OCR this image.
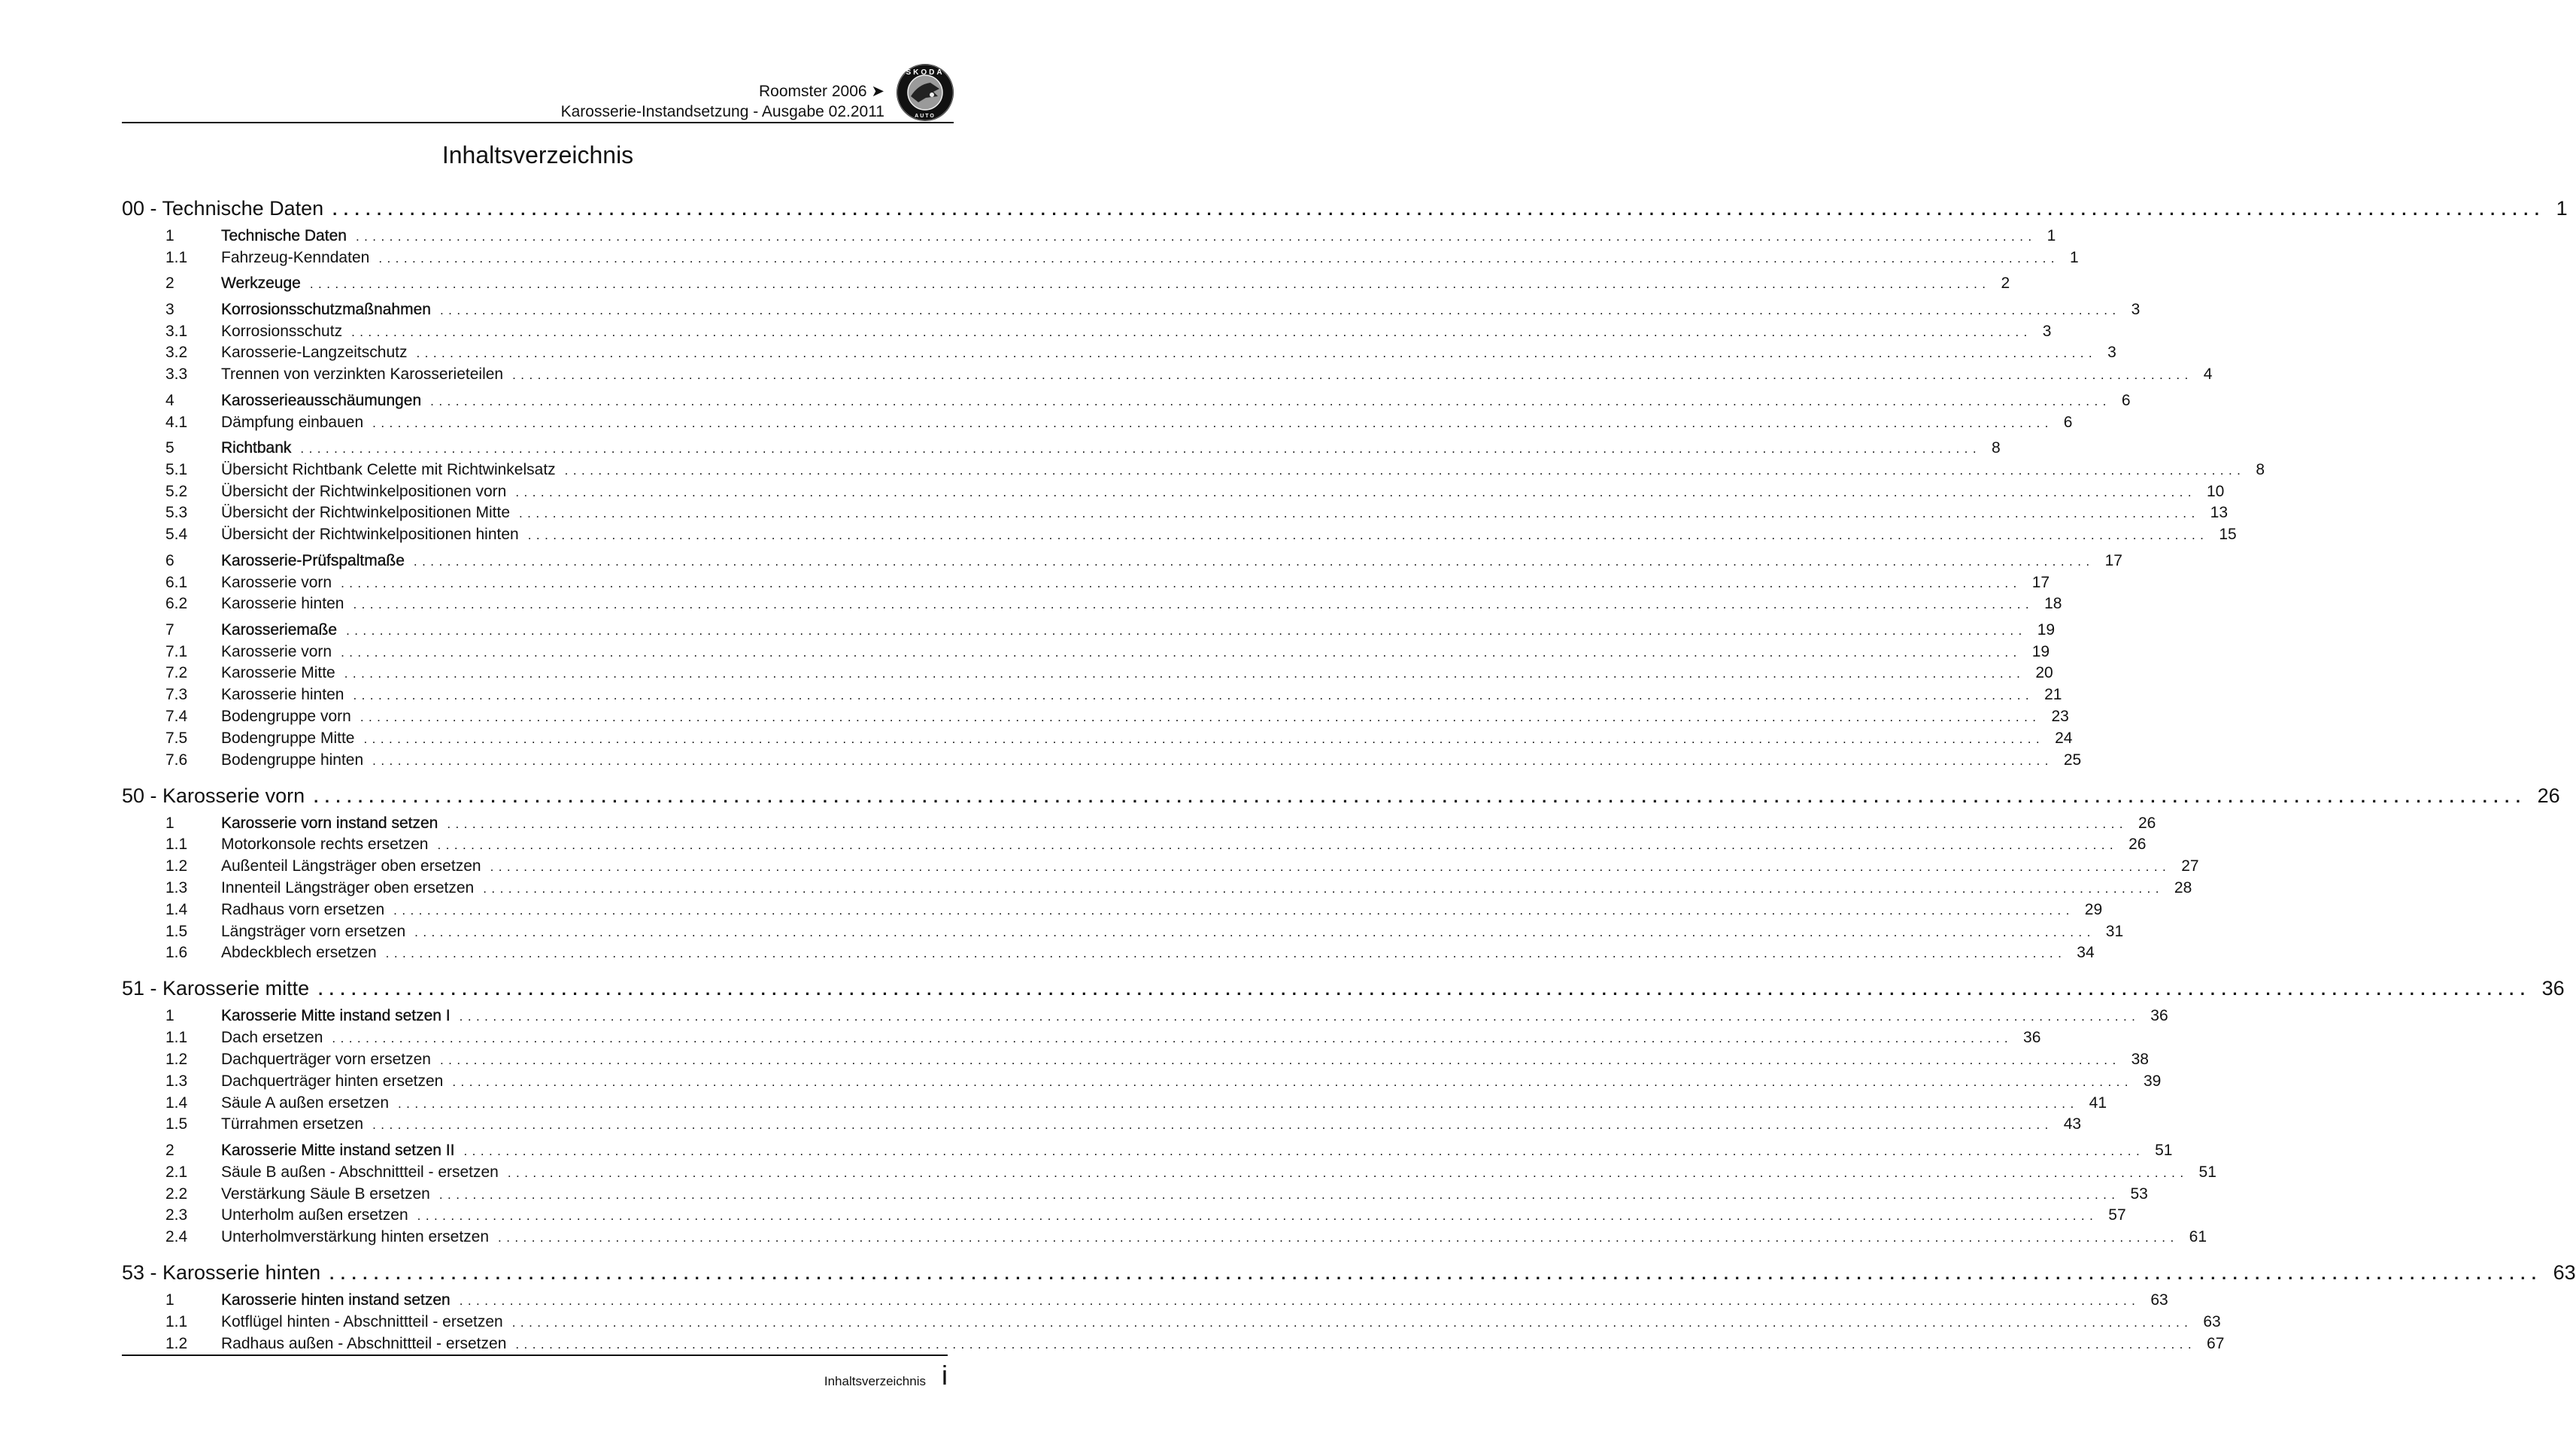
Roomster 2006 ➤
Karosserie-Instandsetzung - Ausgabe 02.2011
SKODA
AUTO
Inhaltsverzeichnis
00 - Technische Daten ........................................................................................................................................................................................................ 1
1	Technische Daten ........................................................................................................................................................................................................ 1
1.1 Fahrzeug-Kenndaten ........................................................................................................................................................................................................ 1
2	Werkzeuge ........................................................................................................................................................................................................ 2
3	Korrosionsschutzmaßnahmen ........................................................................................................................................................................................................ 3
3.1 Korrosionsschutz ........................................................................................................................................................................................................ 3
3.2 Karosserie-Langzeitschutz ........................................................................................................................................................................................................ 3
3.3 Trennen von verzinkten Karosserieteilen ........................................................................................................................................................................................................ 4
4	Karosserieausschäumungen ........................................................................................................................................................................................................ 6
4.1 Dämpfung einbauen ........................................................................................................................................................................................................ 6
5	Richtbank ........................................................................................................................................................................................................ 8
5.1 Übersicht Richtbank Celette mit Richtwinkelsatz ........................................................................................................................................................................................................ 8
5.2 Übersicht der Richtwinkelpositionen vorn ........................................................................................................................................................................................................ 10
5.3 Übersicht der Richtwinkelpositionen Mitte ........................................................................................................................................................................................................ 13
5.4 Übersicht der Richtwinkelpositionen hinten ........................................................................................................................................................................................................ 15
6	Karosserie-Prüfspaltmaße ........................................................................................................................................................................................................ 17
6.1 Karosserie vorn ........................................................................................................................................................................................................ 17
6.2 Karosserie hinten ........................................................................................................................................................................................................ 18
7	Karosseriemaße ........................................................................................................................................................................................................ 19
7.1 Karosserie vorn ........................................................................................................................................................................................................ 19
7.2 Karosserie Mitte ........................................................................................................................................................................................................ 20
7.3 Karosserie hinten ........................................................................................................................................................................................................ 21
7.4 Bodengruppe vorn ........................................................................................................................................................................................................ 23
7.5 Bodengruppe Mitte ........................................................................................................................................................................................................ 24
7.6 Bodengruppe hinten ........................................................................................................................................................................................................ 25
50 - Karosserie vorn ........................................................................................................................................................................................................ 26
1	Karosserie vorn instand setzen ........................................................................................................................................................................................................ 26
1.1 Motorkonsole rechts ersetzen ........................................................................................................................................................................................................ 26
1.2 Außenteil Längsträger oben ersetzen ........................................................................................................................................................................................................ 27
1.3 Innenteil Längsträger oben ersetzen ........................................................................................................................................................................................................ 28
1.4 Radhaus vorn ersetzen ........................................................................................................................................................................................................ 29
1.5 Längsträger vorn ersetzen ........................................................................................................................................................................................................ 31
1.6 Abdeckblech ersetzen ........................................................................................................................................................................................................ 34
51 - Karosserie mitte ........................................................................................................................................................................................................ 36
1	Karosserie Mitte instand setzen I ........................................................................................................................................................................................................ 36
1.1 Dach ersetzen ........................................................................................................................................................................................................ 36
1.2 Dachquerträger vorn ersetzen ........................................................................................................................................................................................................ 38
1.3 Dachquerträger hinten ersetzen ........................................................................................................................................................................................................ 39
1.4 Säule A außen ersetzen ........................................................................................................................................................................................................ 41
1.5 Türrahmen ersetzen ........................................................................................................................................................................................................ 43
2	Karosserie Mitte instand setzen II ........................................................................................................................................................................................................ 51
2.1 Säule B außen - Abschnittteil - ersetzen ........................................................................................................................................................................................................ 51
2.2 Verstärkung Säule B ersetzen ........................................................................................................................................................................................................ 53
2.3 Unterholm außen ersetzen ........................................................................................................................................................................................................ 57
2.4 Unterholmverstärkung hinten ersetzen ........................................................................................................................................................................................................ 61
53 - Karosserie hinten ........................................................................................................................................................................................................ 63
1	Karosserie hinten instand setzen ........................................................................................................................................................................................................ 63
1.1 Kotflügel hinten - Abschnittteil - ersetzen ........................................................................................................................................................................................................ 63
1.2 Radhaus außen - Abschnittteil - ersetzen ........................................................................................................................................................................................................ 67
Inhaltsverzeichnis i
